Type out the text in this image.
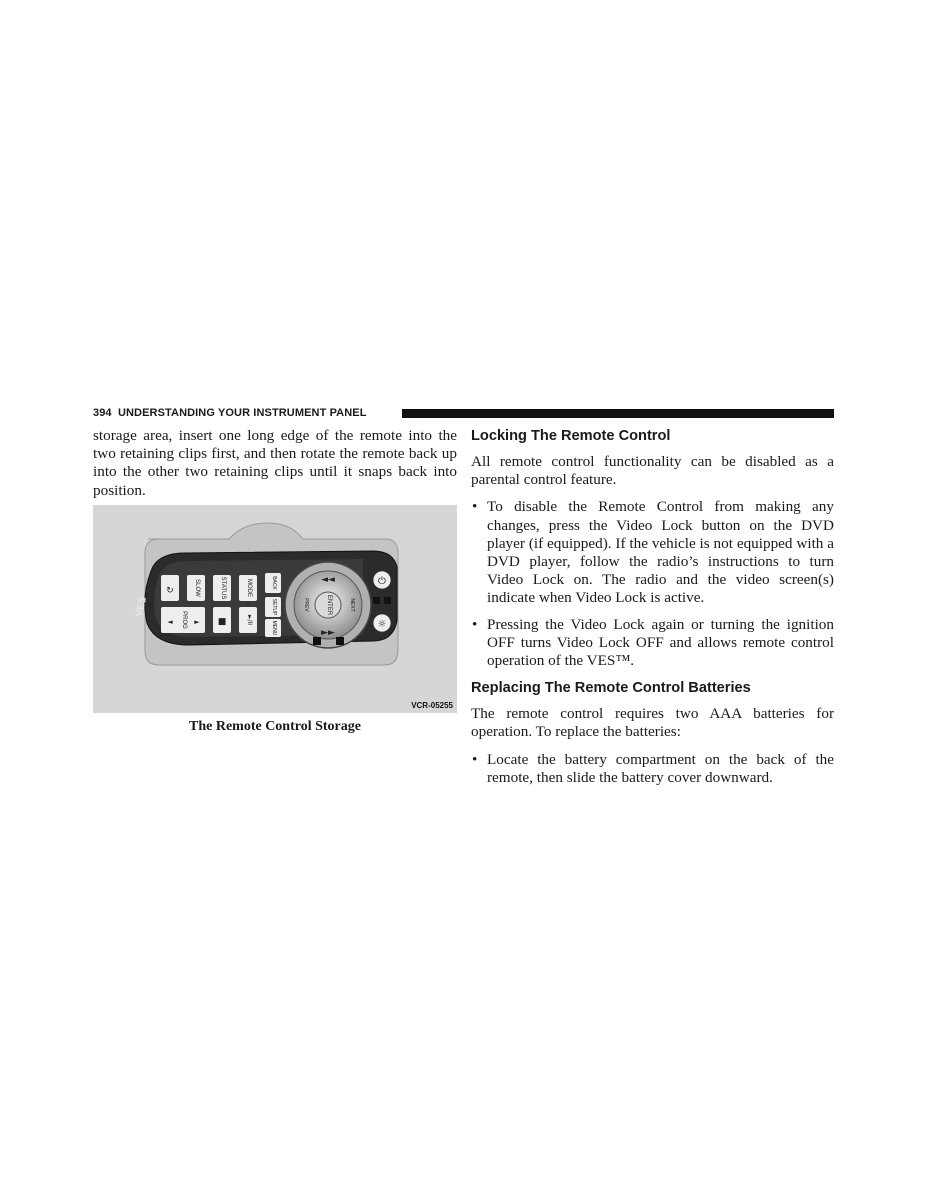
394 UNDERSTANDING YOUR INSTRUMENT PANEL

storage area, insert one long edge of the remote into the two retaining clips first, and then rotate the remote back up into the other two retaining clips until it snaps back into position.

VES
↻	SLOW	STATUS	MODE	BACK
SETUP
MENU
◄ PROG ► ■	►/II
ENTER
◄◄
►►
PREV	NEXT
⏻
☼
VCR-05255
The Remote Control Storage
Locking The Remote Control

All remote control functionality can be disabled as a parental control feature.

• To disable the Remote Control from making any changes, press the Video Lock button on the DVD player (if equipped). If the vehicle is not equipped with a DVD player, follow the radio’s instructions to turn Video Lock on. The radio and the video screen(s) indicate when Video Lock is active.
• Pressing the Video Lock again or turning the ignition OFF turns Video Lock OFF and allows remote control operation of the VES™.
Replacing The Remote Control Batteries

The remote control requires two AAA batteries for operation. To replace the batteries:

• Locate the battery compartment on the back of the remote, then slide the battery cover downward.
